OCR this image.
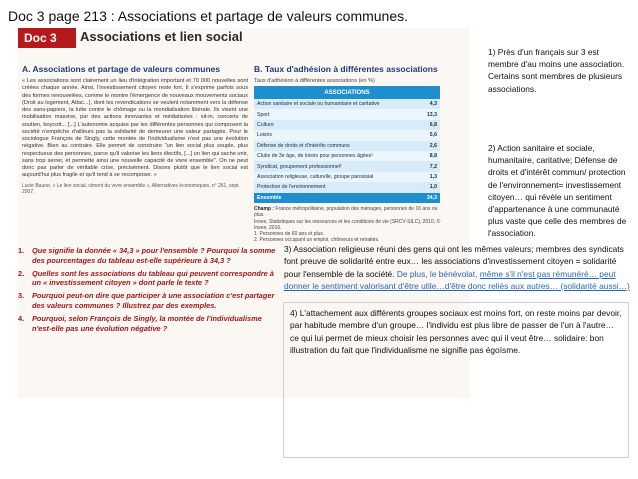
Doc 3 page 213 : Associations et partage de valeurs communes.
Doc 3	Associations et lien social
A. Associations et partage de valeurs communes
« Les associations sont clairement un lieu d'intégration important et 70 000 nouvelles sont créées chaque année. Ainsi, l'investissement citoyen reste fort. Il s'exprime parfois sous des formes renouvelées, comme le montre l'émergence de nouveaux mouvements sociaux (Droit au logement, Attac...), dont les revendications se veulent notamment vers la défense des sans-papiers, la lutte contre le chômage ou la mondialisation libérale. Ils visent une mobilisation massive, par des actions innovantes et médiatisées : sit-in, concerts de soutien, boycott... [...] L'autonomie acquise par les différentes personnes qui composent la société n'empêche d'ailleurs pas la solidarité de demeurer une valeur partagée. Pour le sociologue François de Singly, cette montée de l'individualisme n'est pas une évolution négative. Bien au contraire. Elle permet de construire "un lien social plus souple, plus respectueux des personnes, parce qu'il valorise les liens électifs, [...] un lien qui sache unir, sans trop serrer, et permette ainsi une nouvelle capacité de vivre ensemble". On ne peut donc pas parler de véritable crise, précisément. Disons plutôt que le lien social est aujourd'hui plus fragile et qu'il tend à se recomposer. »
Lucie Baune, « Le lien social, ciment du vivre ensemble », Alternatives économiques, n° 261, sept. 2007.
B. Taux d'adhésion à différentes associations
Taux d'adhésion à différentes associations (en %)
ASSOCIATIONS	
Action sanitaire et sociale ou humanitaire et caritative	4,3
Sport	13,3
Culture	6,8
Loisirs	5,6
Défense de droits et d'intérêts communs	2,6
Clubs de 3e âge, de loisirs pour personnes âgées¹	8,8
Syndicat, groupement professionnel²	7,2
Association religieuse, culturelle, groupe paroissial	1,3
Protection de l'environnement	1,0
Ensemble	34,3
Champ : France métropolitaine, population des ménages, personnes de 16 ans ou plus.
Insee, Statistiques sur les ressources et les conditions de vie (SRCV-SILC), 2010, © Insee, 2016.
1. Personnes de 60 ans et plus.
2. Personnes occupant un emploi, chômeurs et retraités.
1.	Que signifie la donnée « 34,3 » pour l'ensemble ? Pourquoi la somme des pourcentages du tableau est-elle supérieure à 34,3 ?
2.	Quelles sont les associations du tableau qui peuvent correspondre à un « investissement citoyen » dont parle le texte ?
3.	Pourquoi peut-on dire que participer à une association c'est partager des valeurs communes ? Illustrez par des exemples.
4.	Pourquoi, selon François de Singly, la montée de l'individualisme n'est-elle pas une évolution négative ?
1) Près d'un français sur 3 est membre d'au moins une association. Certains sont membres de plusieurs associations.
2) Action sanitaire et sociale, humanitaire, caritative; Défense de droits et d'intérêt commun/ protection de l'environnement= investissement citoyen… qui révèle un sentiment d'appartenance à une communauté plus vaste que celle des membres de l'association.
3) Association religieuse réuni des gens qui ont les mêmes valeurs; membres des syndicats font preuve de solidarité entre eux… les associations d'investissement citoyen = solidarité pour l'ensemble de la société. De plus, le bénévolat, même s'il n'est pas rémunéré… peut donner le sentiment valorisant d'être utile…d'être donc reliés aux autres… (solidarité aussi…)
4) L'attachement aux différents groupes sociaux est moins fort, on reste moins par devoir, par habitude membre d'un groupe… l'individu est plus libre de passer de l'un à l'autre… ce qui lui permet de mieux choisir les personnes avec qui il veut être… solidaire: bon illustration du fait que l'individualisme ne signifie pas égoïsme.
